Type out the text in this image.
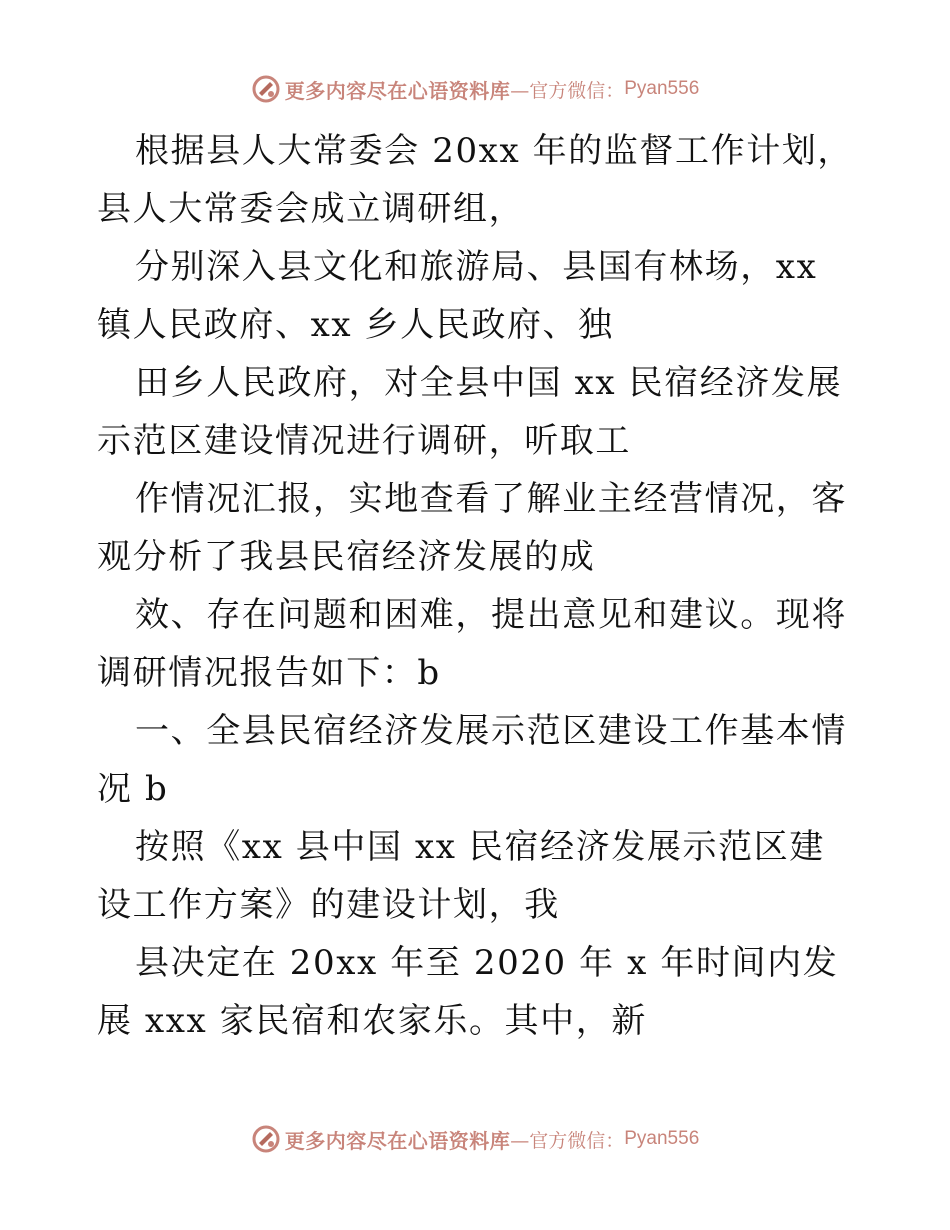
更多内容尽在心语资料库 —官方微信： Pyan556

根据县人大常委会 20xx 年的监督工作计划，县人大常委会成立调研组，

分别深入县文化和旅游局、县国有林场，xx 镇人民政府、xx 乡人民政府、独

田乡人民政府，对全县中国 xx 民宿经济发展示范区建设情况进行调研，听取工

作情况汇报，实地查看了解业主经营情况，客观分析了我县民宿经济发展的成

效、存在问题和困难，提出意见和建议。现将调研情况报告如下：b

一、全县民宿经济发展示范区建设工作基本情况 b

按照《xx 县中国 xx 民宿经济发展示范区建设工作方案》的建设计划，我

县决定在 20xx 年至 2020 年 x 年时间内发展 xxx 家民宿和农家乐。其中，新

更多内容尽在心语资料库 —官方微信： Pyan556
